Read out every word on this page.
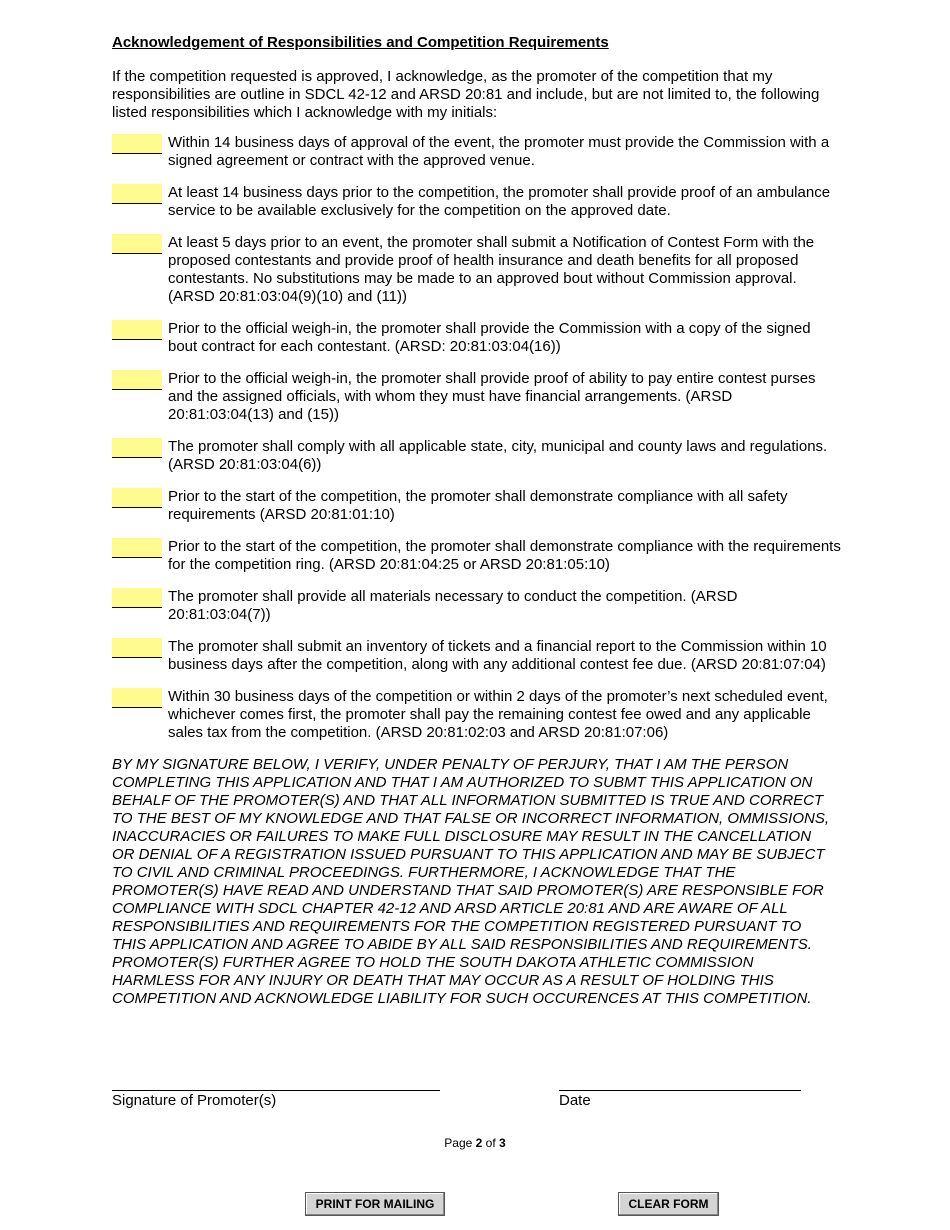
Acknowledgement of Responsibilities and Competition Requirements
If the competition requested is approved, I acknowledge, as the promoter of the competition that my responsibilities are outline in SDCL 42-12 and ARSD 20:81 and include, but are not limited to, the following listed responsibilities which I acknowledge with my initials:
Within 14 business days of approval of the event, the promoter must provide the Commission with a signed agreement or contract with the approved venue.
At least 14 business days prior to the competition, the promoter shall provide proof of an ambulance service to be available exclusively for the competition on the approved date.
At least 5 days prior to an event, the promoter shall submit a Notification of Contest Form with the proposed contestants and provide proof of health insurance and death benefits for all proposed contestants. No substitutions may be made to an approved bout without Commission approval. (ARSD 20:81:03:04(9)(10) and (11))
Prior to the official weigh-in, the promoter shall provide the Commission with a copy of the signed bout contract for each contestant. (ARSD: 20:81:03:04(16))
Prior to the official weigh-in, the promoter shall provide proof of ability to pay entire contest purses and the assigned officials, with whom they must have financial arrangements. (ARSD 20:81:03:04(13) and (15))
The promoter shall comply with all applicable state, city, municipal and county laws and regulations. (ARSD 20:81:03:04(6))
Prior to the start of the competition, the promoter shall demonstrate compliance with all safety requirements (ARSD 20:81:01:10)
Prior to the start of the competition, the promoter shall demonstrate compliance with the requirements for the competition ring. (ARSD 20:81:04:25 or ARSD 20:81:05:10)
The promoter shall provide all materials necessary to conduct the competition. (ARSD 20:81:03:04(7))
The promoter shall submit an inventory of tickets and a financial report to the Commission within 10 business days after the competition, along with any additional contest fee due. (ARSD 20:81:07:04)
Within 30 business days of the competition or within 2 days of the promoter’s next scheduled event, whichever comes first, the promoter shall pay the remaining contest fee owed and any applicable sales tax from the competition. (ARSD 20:81:02:03 and ARSD 20:81:07:06)
BY MY SIGNATURE BELOW, I VERIFY, UNDER PENALTY OF PERJURY, THAT I AM THE PERSON COMPLETING THIS APPLICATION AND THAT I AM AUTHORIZED TO SUBMT THIS APPLICATION ON BEHALF OF THE PROMOTER(S) AND THAT ALL INFORMATION SUBMITTED IS TRUE AND CORRECT TO THE BEST OF MY KNOWLEDGE AND THAT FALSE OR INCORRECT INFORMATION, OMMISSIONS, INACCURACIES OR FAILURES TO MAKE FULL DISCLOSURE MAY RESULT IN THE CANCELLATION OR DENIAL OF A REGISTRATION ISSUED PURSUANT TO THIS APPLICATION AND MAY BE SUBJECT TO CIVIL AND CRIMINAL PROCEEDINGS. FURTHERMORE, I ACKNOWLEDGE THAT THE PROMOTER(S) HAVE READ AND UNDERSTAND THAT SAID PROMOTER(S) ARE RESPONSIBLE FOR COMPLIANCE WITH SDCL CHAPTER 42-12 AND ARSD ARTICLE 20:81 AND ARE AWARE OF ALL RESPONSIBILITIES AND REQUIREMENTS FOR THE COMPETITION REGISTERED PURSUANT TO THIS APPLICATION AND AGREE TO ABIDE BY ALL SAID RESPONSIBILITIES AND REQUIREMENTS. PROMOTER(S) FURTHER AGREE TO HOLD THE SOUTH DAKOTA ATHLETIC COMMISSION HARMLESS FOR ANY INJURY OR DEATH THAT MAY OCCUR AS A RESULT OF HOLDING THIS COMPETITION AND ACKNOWLEDGE LIABILITY FOR SUCH OCCURENCES AT THIS COMPETITION.
Signature of Promoter(s)	Date
Page 2 of 3
PRINT FOR MAILING	CLEAR FORM
